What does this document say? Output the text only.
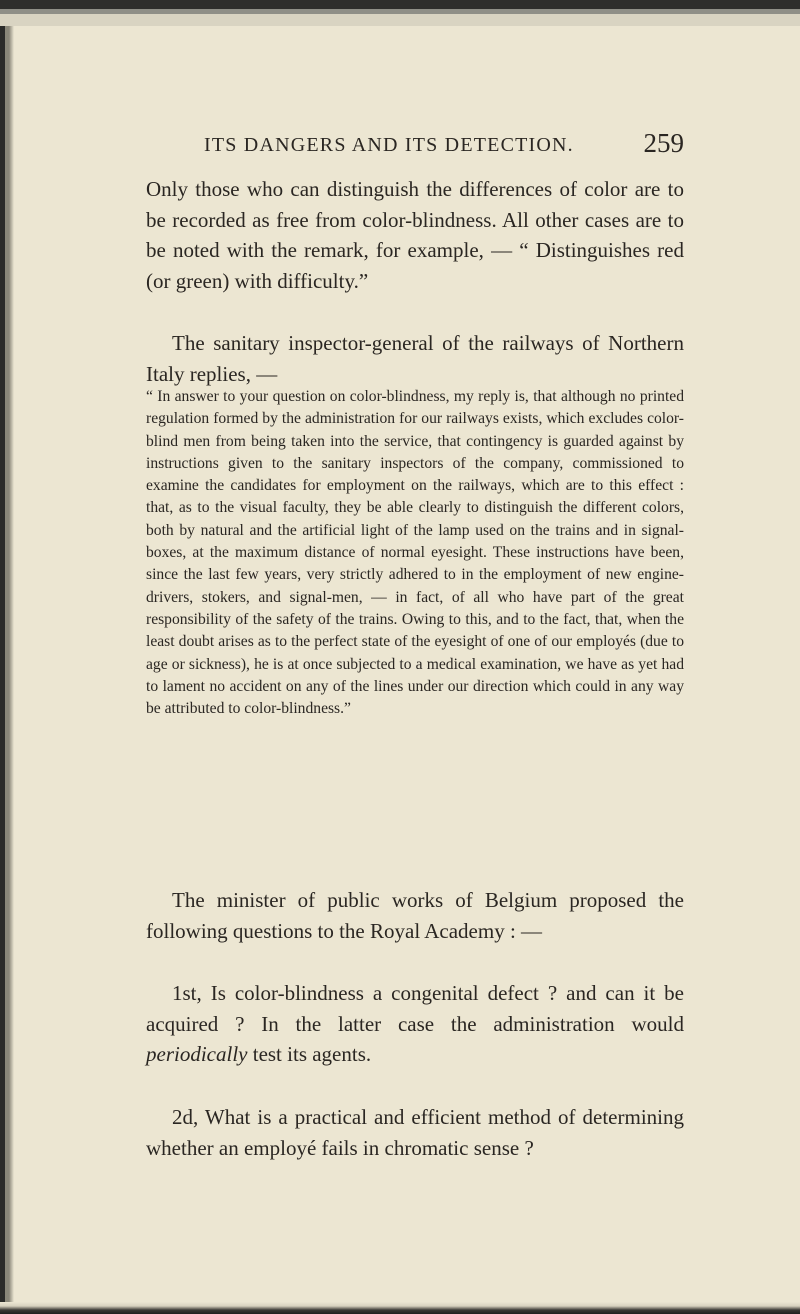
ITS DANGERS AND ITS DETECTION.	259

Only those who can distinguish the differences of color are to be recorded as free from color-blindness. All other cases are to be noted with the remark, for example, — “ Distinguishes red (or green) with difficulty.”

The sanitary inspector-general of the railways of Northern Italy replies, —

“ In answer to your question on color-blindness, my reply is, that although no printed regulation formed by the administration for our railways exists, which excludes color-blind men from being taken into the service, that contingency is guarded against by instructions given to the sanitary inspectors of the company, commissioned to examine the candidates for employment on the railways, which are to this effect : that, as to the visual faculty, they be able clearly to distinguish the different colors, both by natural and the artificial light of the lamp used on the trains and in signal-boxes, at the maximum distance of normal eyesight. These instructions have been, since the last few years, very strictly adhered to in the employment of new engine-drivers, stokers, and signal-men, — in fact, of all who have part of the great responsibility of the safety of the trains. Owing to this, and to the fact, that, when the least doubt arises as to the perfect state of the eyesight of one of our employés (due to age or sickness), he is at once subjected to a medical examination, we have as yet had to lament no accident on any of the lines under our direction which could in any way be attributed to color-blindness.”

The minister of public works of Belgium proposed the following questions to the Royal Academy : —

1st, Is color-blindness a congenital defect ? and can it be acquired ? In the latter case the administration would periodically test its agents.

2d, What is a practical and efficient method of determining whether an employé fails in chromatic sense ?
